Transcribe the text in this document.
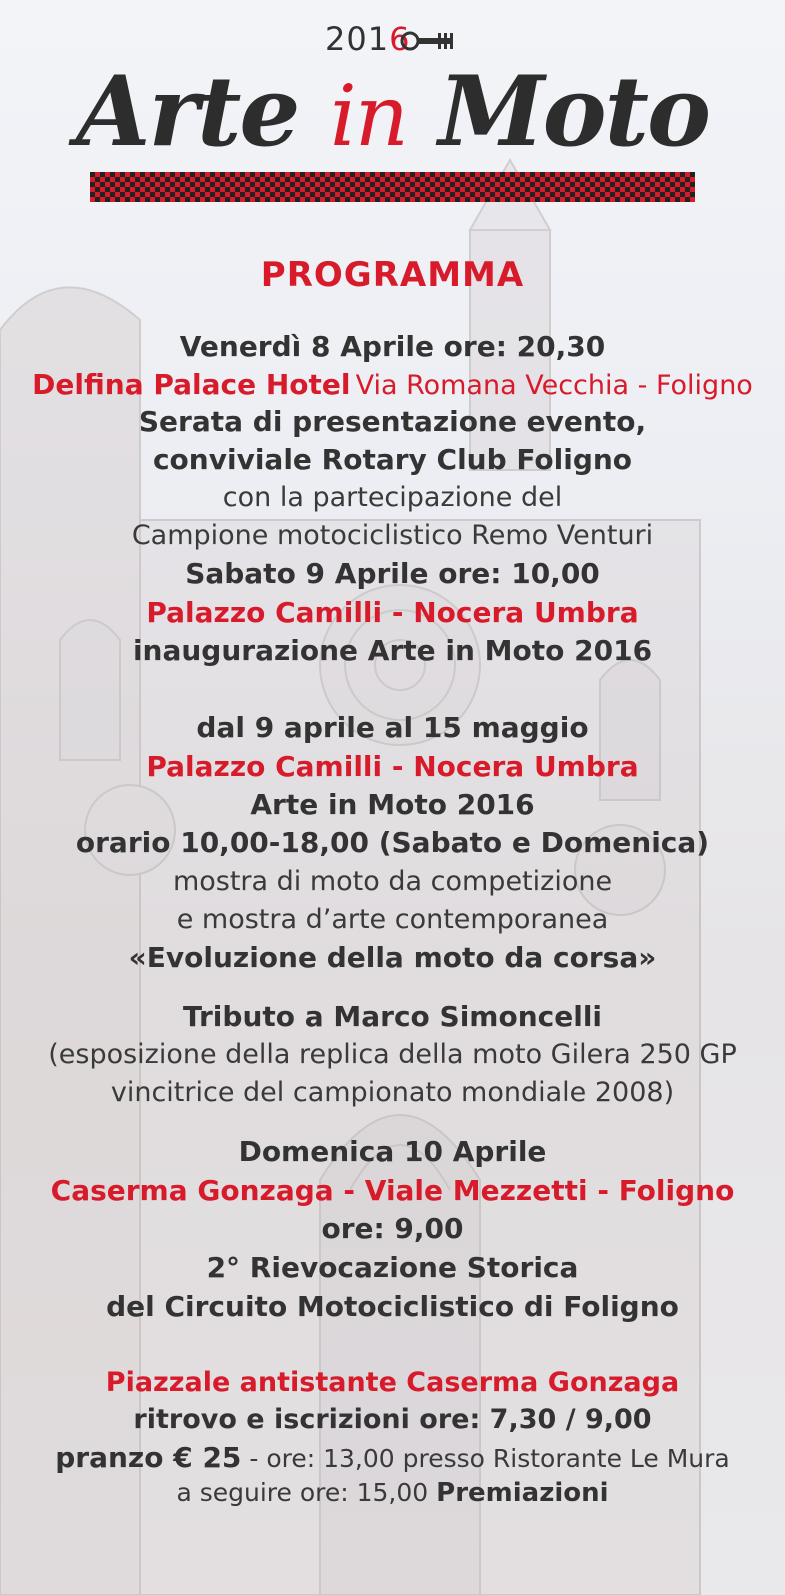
2016
Arte in Moto
PROGRAMMA
Venerdì 8 Aprile ore: 20,30
Delfina Palace Hotel Via Romana Vecchia - Foligno
Serata di presentazione evento,
conviviale Rotary Club Foligno
con la partecipazione del
Campione motociclistico Remo Venturi
Sabato 9 Aprile ore: 10,00
Palazzo Camilli - Nocera Umbra
inaugurazione Arte in Moto 2016
dal 9 aprile al 15 maggio
Palazzo Camilli - Nocera Umbra
Arte in Moto 2016
orario 10,00-18,00 (Sabato e Domenica)
mostra di moto da competizione
e mostra d’arte contemporanea
«Evoluzione della moto da corsa»
Tributo a Marco Simoncelli
(esposizione della replica della moto Gilera 250 GP
vincitrice del campionato mondiale 2008)
Domenica 10 Aprile
Caserma Gonzaga - Viale Mezzetti - Foligno
ore: 9,00
2° Rievocazione Storica
del Circuito Motociclistico di Foligno
Piazzale antistante Caserma Gonzaga
ritrovo e iscrizioni ore: 7,30 / 9,00
pranzo € 25 - ore: 13,00 presso Ristorante Le Mura
a seguire ore: 15,00 Premiazioni
